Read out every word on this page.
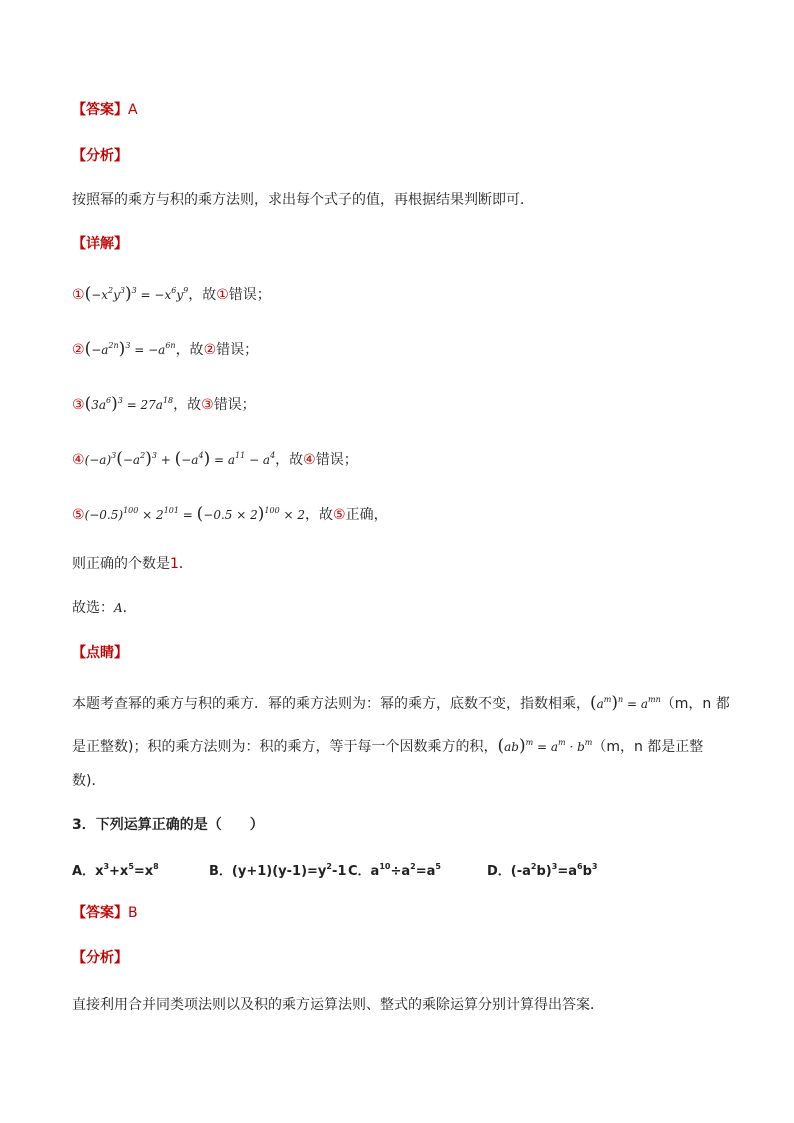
【答案】A
【分析】
按照幂的乘方与积的乘方法则，求出每个式子的值，再根据结果判断即可．
【详解】
$①(-x^2y^3)^3 = -x^6y^9$，故①错误；
$②(-a^{2n})^3 = -a^{6n}$，故②错误；
$③(3a^6)^3 = 27a^{18}$，故③错误；
$④(-a)^3(-a^2)^3 + (-a^4) = a^{11} - a^4$，故④错误；
$⑤(-0.5)^{100} \times 2^{101} = (-0.5 \times 2)^{100} \times 2$，故⑤正确，
则正确的个数是1．
故选：A．
【点睛】
本题考查幂的乘方与积的乘方．幂的乘方法则为：幂的乘方，底数不变，指数相乘，$(a^m)^n = a^{mn}(m$，n 都
是正整数)；积的乘方法则为：积的乘方，等于每一个因数乘方的积，$(ab)^m = a^m \cdot b^m(m$，n 都是正整
数)．
3．下列运算正确的是（　　）
A．$x^3+x^5=x^8$	B．$(y+1)(y-1)=y^2-1$ C．$a^{10}\div a^2=a^5$	D．$(-a^2b)^3=a^6b^3$
【答案】B
【分析】
直接利用合并同类项法则以及积的乘方运算法则、整式的乘除运算分别计算得出答案．
